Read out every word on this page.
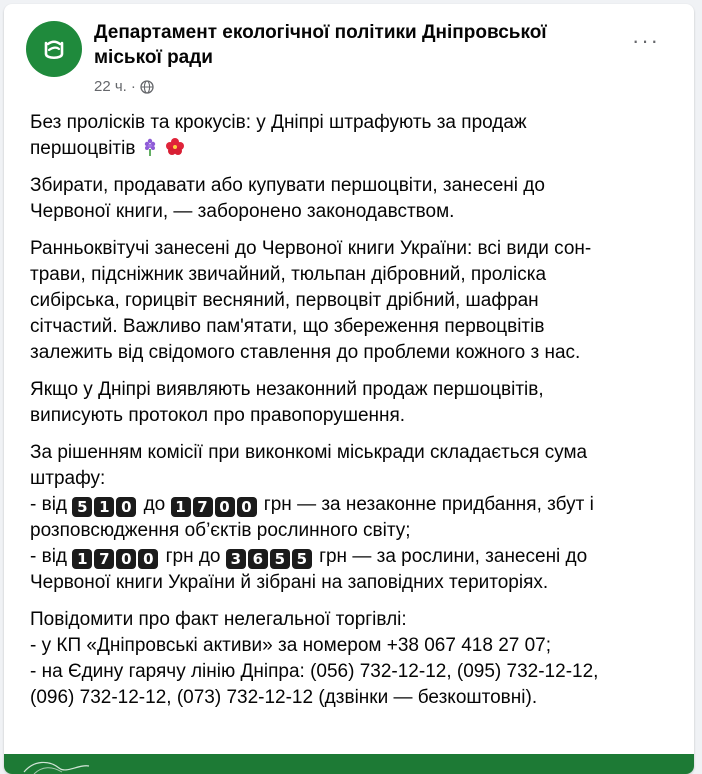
Департамент екологічної політики Дніпровської
міської ради
22 ч. ·
···
Без пролісків та крокусів: у Дніпрі штрафують за продаж
першоцвітів
Збирати, продавати або купувати першоцвіти, занесені до
Червоної книги, — заборонено законодавством.
Ранньоквітучі занесені до Червоної книги України: всі види сон-
трави, підсніжник звичайний, тюльпан дібровний, проліска
сибірська, горицвіт весняний, первоцвіт дрібний, шафран
сітчастий. Важливо пам'ятати, що збереження первоцвітів
залежить від свідомого ставлення до проблеми кожного з нас.
Якщо у Дніпрі виявляють незаконний продаж першоцвітів,
виписують протокол про правопорушення.
За рішенням комісії при виконкомі міськради складається сума
штрафу:
- від 5 1 0 до 1 7 0 0 грн — за незаконне придбання, збут і
розповсюдження об’єктів рослинного світу;
- від 1 7 0 0 грн до 3 6 5 5 грн — за рослини, занесені до
Червоної книги України й зібрані на заповідних територіях.
Повідомити про факт нелегальної торгівлі:
- у КП «Дніпровські активи» за номером +38 067 418 27 07;
- на Єдину гарячу лінію Дніпра: (056) 732-12-12, (095) 732-12-12,
(096) 732-12-12, (073) 732-12-12 (дзвінки — безкоштовні).
